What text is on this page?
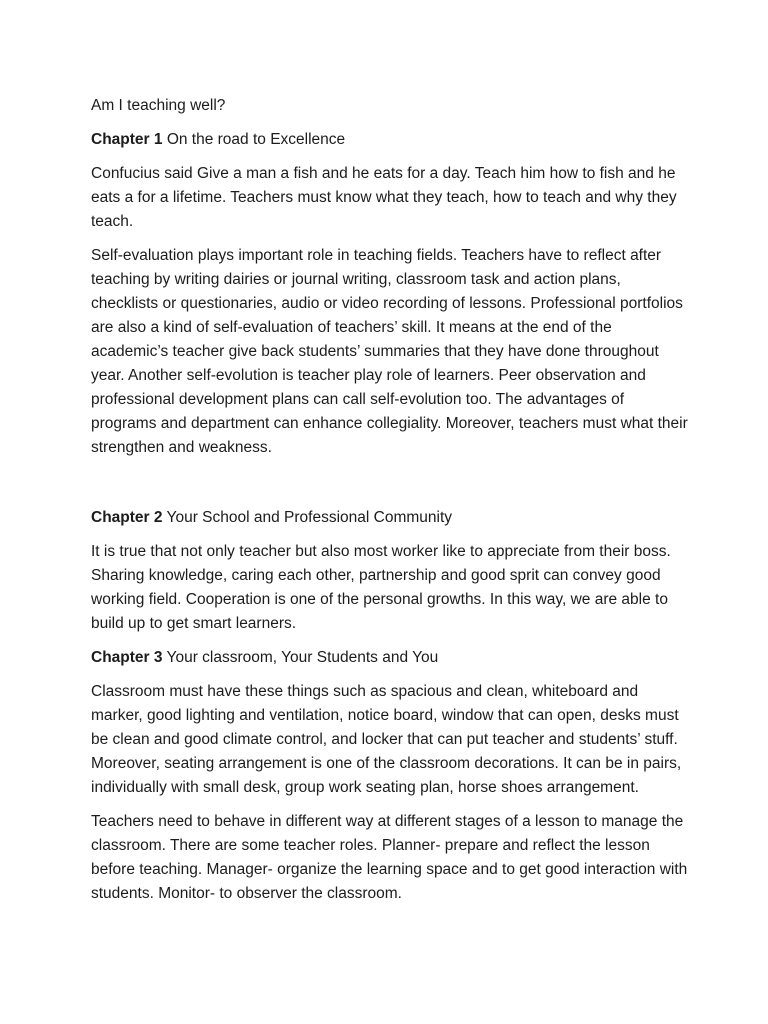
Am I teaching well?

Chapter 1 On the road to Excellence

Confucius said Give a man a fish and he eats for a day. Teach him how to fish and he eats a for a lifetime. Teachers must know what they teach, how to teach and why they teach.

Self-evaluation plays important role in teaching fields. Teachers have to reflect after teaching by writing dairies or journal writing, classroom task and action plans, checklists or questionaries, audio or video recording of lessons. Professional portfolios are also a kind of self-evaluation of teachers’ skill. It means at the end of the academic’s teacher give back students’ summaries that they have done throughout year. Another self-evolution is teacher play role of learners. Peer observation and professional development plans can call self-evolution too. The advantages of programs and department can enhance collegiality. Moreover, teachers must what their strengthen and weakness.

Chapter 2 Your School and Professional Community

It is true that not only teacher but also most worker like to appreciate from their boss. Sharing knowledge, caring each other, partnership and good sprit can convey good working field. Cooperation is one of the personal growths. In this way, we are able to build up to get smart learners.

Chapter 3 Your classroom, Your Students and You

Classroom must have these things such as spacious and clean, whiteboard and marker, good lighting and ventilation, notice board, window that can open, desks must be clean and good climate control, and locker that can put teacher and students’ stuff. Moreover, seating arrangement is one of the classroom decorations. It can be in pairs, individually with small desk, group work seating plan, horse shoes arrangement.

Teachers need to behave in different way at different stages of a lesson to manage the classroom. There are some teacher roles. Planner- prepare and reflect the lesson before teaching. Manager- organize the learning space and to get good interaction with students. Monitor- to observer the classroom.
